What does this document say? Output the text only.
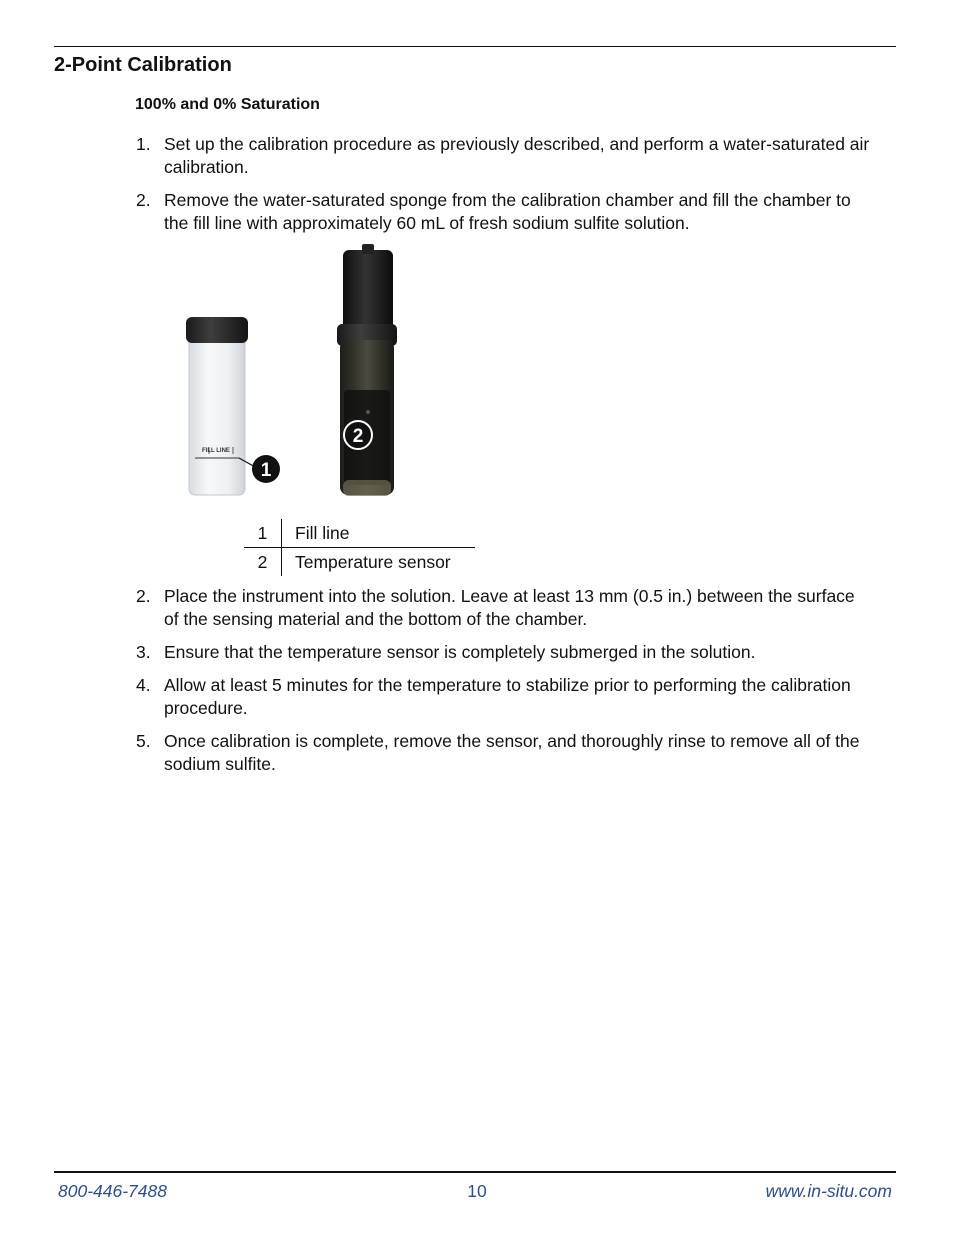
2-Point Calibration
100% and 0% Saturation
1. Set up the calibration procedure as previously described, and perform a water-saturated air calibration.
2. Remove the water-saturated sponge from the calibration chamber and fill the chamber to the fill line with approximately 60 mL of fresh sodium sulfite solution.
FILL LINE
1
2
1	Fill line
2	Temperature sensor
2. Place the instrument into the solution. Leave at least 13 mm (0.5 in.) between the surface of the sensing material and the bottom of the chamber.
3. Ensure that the temperature sensor is completely submerged in the solution.
4. Allow at least 5 minutes for the temperature to stabilize prior to performing the calibration procedure.
5. Once calibration is complete, remove the sensor, and thoroughly rinse to remove all of the sodium sulfite.
800-446-7488	10	www.in-situ.com
